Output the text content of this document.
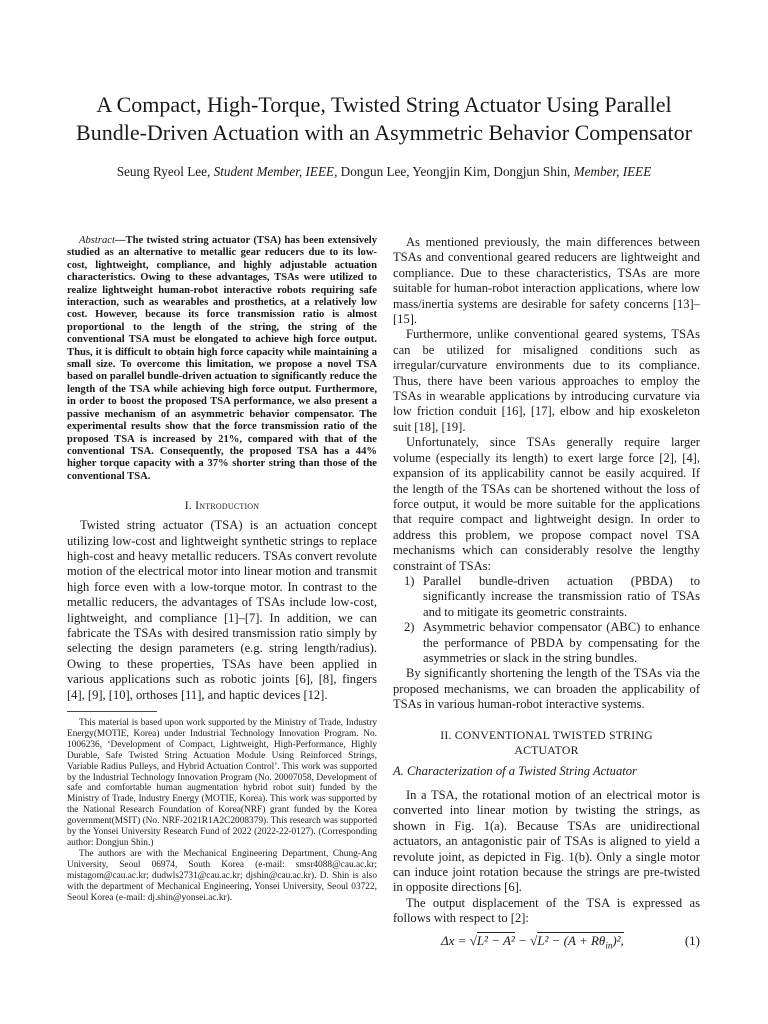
A Compact, High-Torque, Twisted String Actuator Using Parallel
Bundle-Driven Actuation with an Asymmetric Behavior Compensator
Seung Ryeol Lee, Student Member, IEEE, Dongun Lee, Yeongjin Kim, Dongjun Shin, Member, IEEE

Abstract—The twisted string actuator (TSA) has been extensively studied as an alternative to metallic gear reducers due to its low-cost, lightweight, compliance, and highly adjustable actuation characteristics. Owing to these advantages, TSAs were utilized to realize lightweight human-robot interactive robots requiring safe interaction, such as wearables and prosthetics, at a relatively low cost. However, because its force transmission ratio is almost proportional to the length of the string, the string of the conventional TSA must be elongated to achieve high force output. Thus, it is difficult to obtain high force capacity while maintaining a small size. To overcome this limitation, we propose a novel TSA based on parallel bundle-driven actuation to significantly reduce the length of the TSA while achieving high force output. Furthermore, in order to boost the proposed TSA performance, we also present a passive mechanism of an asymmetric behavior compensator. The experimental results show that the force transmission ratio of the proposed TSA is increased by 21%, compared with that of the conventional TSA. Consequently, the proposed TSA has a 44% higher torque capacity with a 37% shorter string than those of the conventional TSA.

I. Introduction

Twisted string actuator (TSA) is an actuation concept utilizing low-cost and lightweight synthetic strings to replace high-cost and heavy metallic reducers. TSAs convert revolute motion of the electrical motor into linear motion and transmit high force even with a low-torque motor. In contrast to the metallic reducers, the advantages of TSAs include low-cost, lightweight, and compliance [1]–[7]. In addition, we can fabricate the TSAs with desired transmission ratio simply by selecting the design parameters (e.g. string length/radius). Owing to these properties, TSAs have been applied in various applications such as robotic joints [6], [8], fingers [4], [9], [10], orthoses [11], and haptic devices [12].

This material is based upon work supported by the Ministry of Trade, Industry Energy(MOTIE, Korea) under Industrial Technology Innovation Program. No. 1006236, ‘Development of Compact, Lightweight, High-Performance, Highly Durable, Safe Twisted String Actuation Module Using Reinforced Strings, Variable Radius Pulleys, and Hybrid Actuation Control’. This work was supported by the Industrial Technology Innovation Program (No. 20007058, Development of safe and comfortable human augmentation hybrid robot suit) funded by the Ministry of Trade, Industry Energy (MOTIE, Korea). This work was supported by the National Research Foundation of Korea(NRF) grant funded by the Korea government(MSIT) (No. NRF-2021R1A2C2008379). This research was supported by the Yonsei University Research Fund of 2022 (2022-22-0127). (Corresponding author: Dongjun Shin.)

The authors are with the Mechanical Engineering Department, Chung-Ang University, Seoul 06974, South Korea (e-mail: smsr4088@cau.ac.kr; mistagom@cau.ac.kr; dudwls2731@cau.ac.kr; djshin@cau.ac.kr). D. Shin is also with the department of Mechanical Engineering, Yonsei University, Seoul 03722, Seoul Korea (e-mail: dj.shin@yonsei.ac.kr).

As mentioned previously, the main differences between TSAs and conventional geared reducers are lightweight and compliance. Due to these characteristics, TSAs are more suitable for human-robot interaction applications, where low mass/inertia systems are desirable for safety concerns [13]–[15].

Furthermore, unlike conventional geared systems, TSAs can be utilized for misaligned conditions such as irregular/curvature environments due to its compliance. Thus, there have been various approaches to employ the TSAs in wearable applications by introducing curvature via low friction conduit [16], [17], elbow and hip exoskeleton suit [18], [19].

Unfortunately, since TSAs generally require larger volume (especially its length) to exert large force [2], [4], expansion of its applicability cannot be easily acquired. If the length of the TSAs can be shortened without the loss of force output, it would be more suitable for the applications that require compact and lightweight design. In order to address this problem, we propose compact novel TSA mechanisms which can considerably resolve the lengthy constraint of TSAs:

1) Parallel bundle-driven actuation (PBDA) to significantly increase the transmission ratio of TSAs and to mitigate its geometric constraints.
2) Asymmetric behavior compensator (ABC) to enhance the performance of PBDA by compensating for the asymmetries or slack in the string bundles.

By significantly shortening the length of the TSAs via the proposed mechanisms, we can broaden the applicability of TSAs in various human-robot interactive systems.

II. CONVENTIONAL TWISTED STRING
ACTUATOR
A. Characterization of a Twisted String Actuator

In a TSA, the rotational motion of an electrical motor is converted into linear motion by twisting the strings, as shown in Fig. 1(a). Because TSAs are unidirectional actuators, an antagonistic pair of TSAs is aligned to yield a revolute joint, as depicted in Fig. 1(b). Only a single motor can induce joint rotation because the strings are pre-twisted in opposite directions [6].

The output displacement of the TSA is expressed as follows with respect to [2]:

$\Delta x = √L^2 - A^2 - √L^2 - (A + R\theta_{in})^2$,	(1)
